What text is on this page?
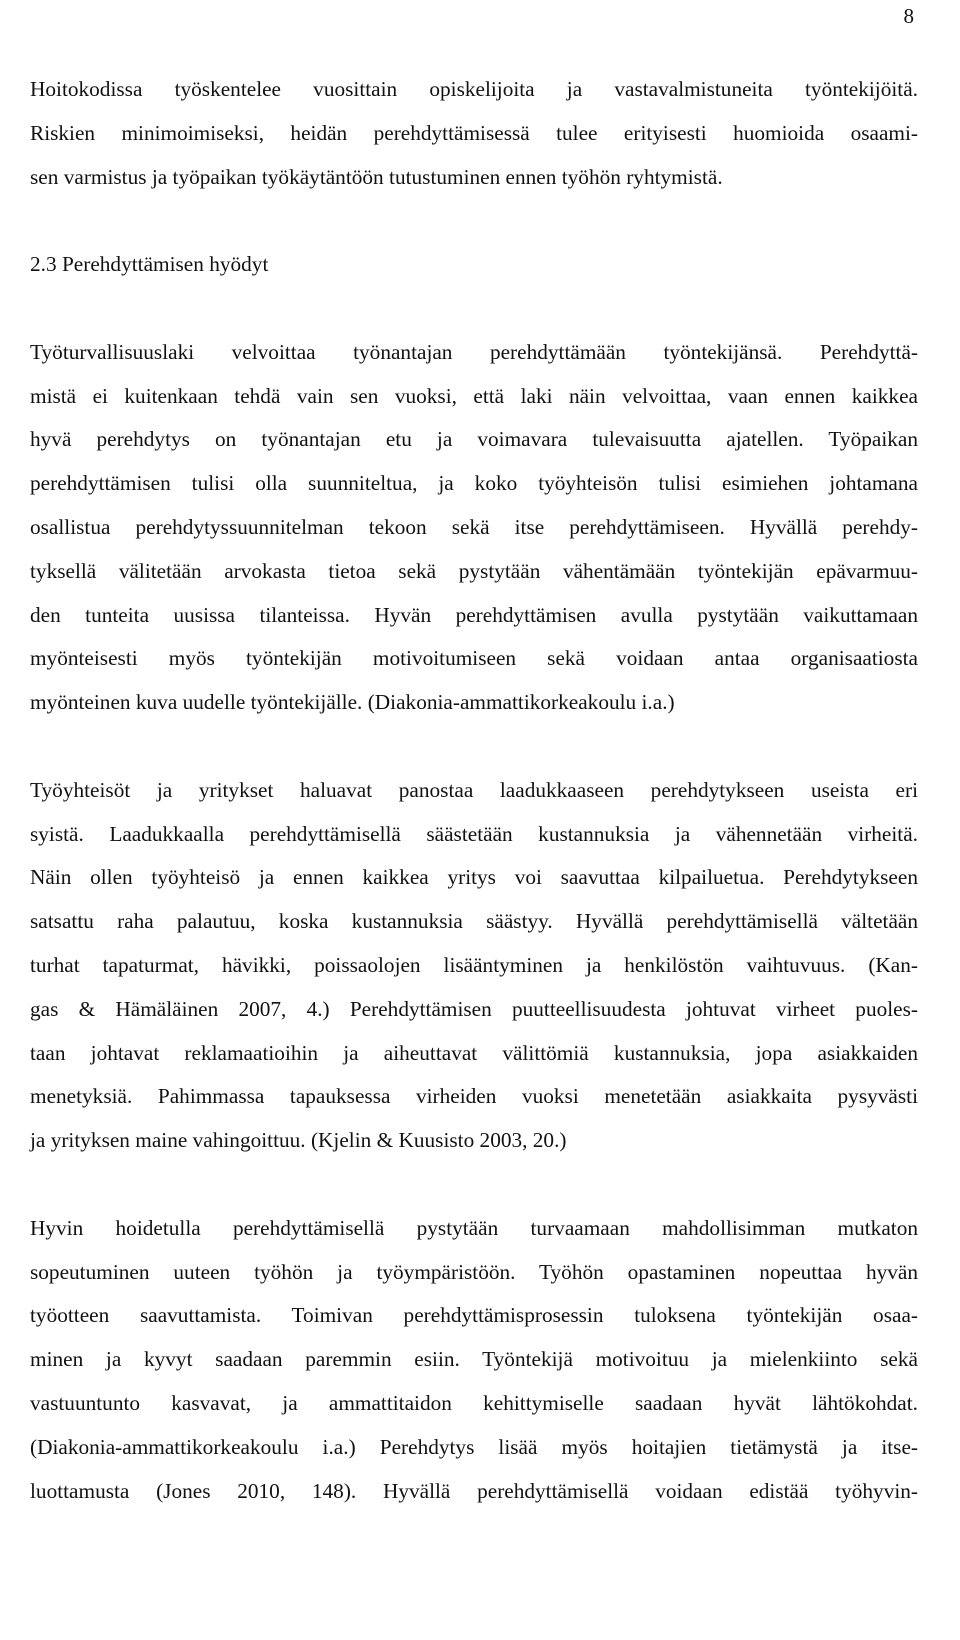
8
Hoitokodissa työskentelee vuosittain opiskelijoita ja vastavalmistuneita työntekijöitä.
Riskien minimoimiseksi, heidän perehdyttämisessä tulee erityisesti huomioida osaami-
sen varmistus ja työpaikan työkäytäntöön tutustuminen ennen työhön ryhtymistä.
2.3 Perehdyttämisen hyödyt
Työturvallisuuslaki velvoittaa työnantajan perehdyttämään työntekijänsä. Perehdyttä-
mistä ei kuitenkaan tehdä vain sen vuoksi, että laki näin velvoittaa, vaan ennen kaikkea
hyvä perehdytys on työnantajan etu ja voimavara tulevaisuutta ajatellen. Työpaikan
perehdyttämisen tulisi olla suunniteltua, ja koko työyhteisön tulisi esimiehen johtamana
osallistua perehdytyssuunnitelman tekoon sekä itse perehdyttämiseen. Hyvällä perehdy-
tyksellä välitetään arvokasta tietoa sekä pystytään vähentämään työntekijän epävarmuu-
den tunteita uusissa tilanteissa. Hyvän perehdyttämisen avulla pystytään vaikuttamaan
myönteisesti myös työntekijän motivoitumiseen sekä voidaan antaa organisaatiosta
myönteinen kuva uudelle työntekijälle. (Diakonia-ammattikorkeakoulu i.a.)
Työyhteisöt ja yritykset haluavat panostaa laadukkaaseen perehdytykseen useista eri
syistä. Laadukkaalla perehdyttämisellä säästetään kustannuksia ja vähennetään virheitä.
Näin ollen työyhteisö ja ennen kaikkea yritys voi saavuttaa kilpailuetua. Perehdytykseen
satsattu raha palautuu, koska kustannuksia säästyy. Hyvällä perehdyttämisellä vältetään
turhat tapaturmat, hävikki, poissaolojen lisääntyminen ja henkilöstön vaihtuvuus. (Kan-
gas & Hämäläinen 2007, 4.) Perehdyttämisen puutteellisuudesta johtuvat virheet puoles-
taan johtavat reklamaatioihin ja aiheuttavat välittömiä kustannuksia, jopa asiakkaiden
menetyksiä. Pahimmassa tapauksessa virheiden vuoksi menetetään asiakkaita pysyvästi
ja yrityksen maine vahingoittuu. (Kjelin & Kuusisto 2003, 20.)
Hyvin hoidetulla perehdyttämisellä pystytään turvaamaan mahdollisimman mutkaton
sopeutuminen uuteen työhön ja työympäristöön. Työhön opastaminen nopeuttaa hyvän
työotteen saavuttamista. Toimivan perehdyttämisprosessin tuloksena työntekijän osaa-
minen ja kyvyt saadaan paremmin esiin. Työntekijä motivoituu ja mielenkiinto sekä
vastuuntunto kasvavat, ja ammattitaidon kehittymiselle saadaan hyvät lähtökohdat.
(Diakonia-ammattikorkeakoulu i.a.) Perehdytys lisää myös hoitajien tietämystä ja itse-
luottamusta (Jones 2010, 148). Hyvällä perehdyttämisellä voidaan edistää työhyvin-
